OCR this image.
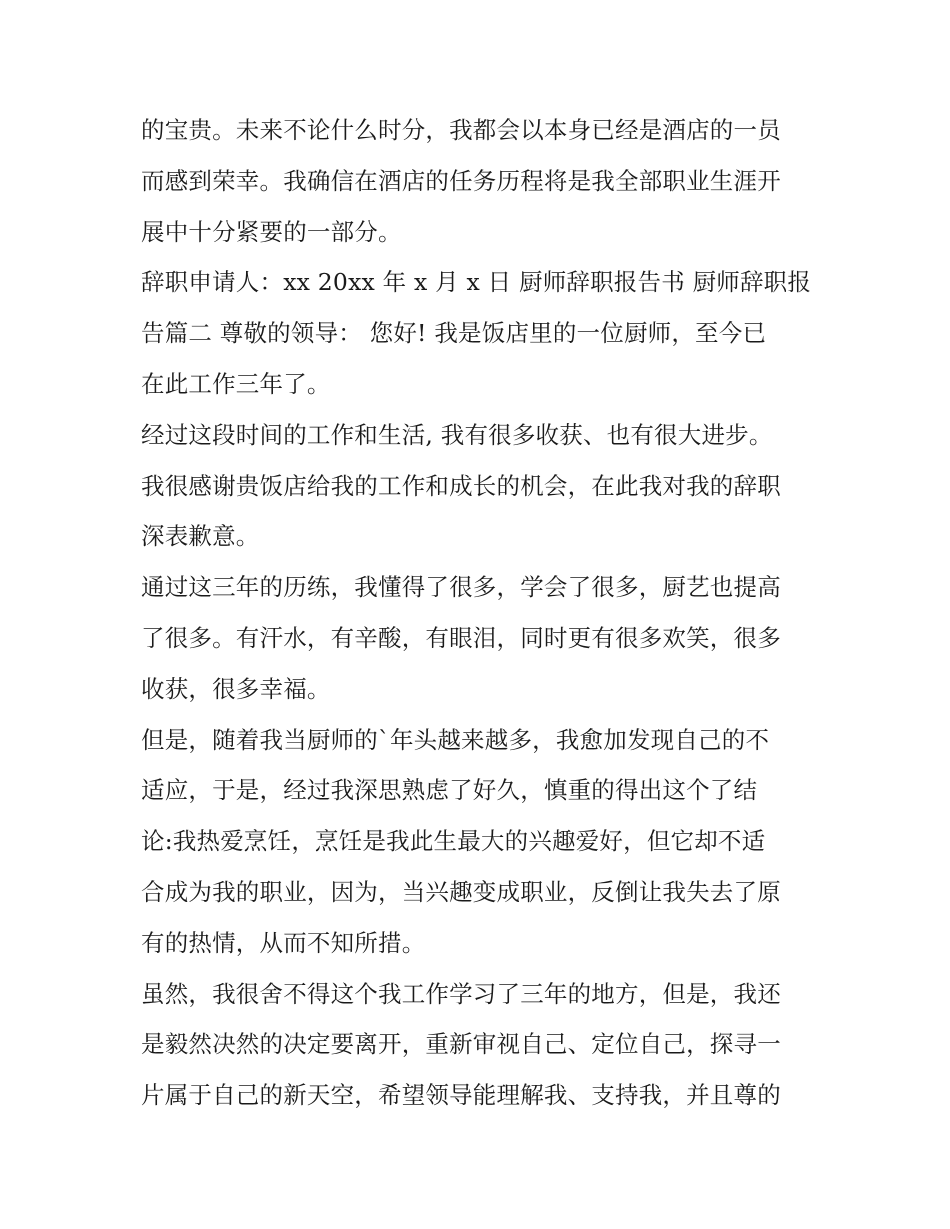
的宝贵。未来不论什么时分，我都会以本身已经是酒店的一员
而感到荣幸。我确信在酒店的任务历程将是我全部职业生涯开
展中十分紧要的一部分。
辞职申请人：xx 20xx 年 x 月 x 日 厨师辞职报告书 厨师辞职报
告篇二 尊敬的领导： 您好! 我是饭店里的一位厨师，至今已
在此工作三年了。
经过这段时间的工作和生活, 我有很多收获、也有很大进步。
我很感谢贵饭店给我的工作和成长的机会，在此我对我的辞职
深表歉意。
通过这三年的历练，我懂得了很多，学会了很多，厨艺也提高
了很多。有汗水，有辛酸，有眼泪，同时更有很多欢笑，很多
收获，很多幸福。
但是，随着我当厨师的`年头越来越多，我愈加发现自己的不
适应，于是，经过我深思熟虑了好久，慎重的得出这个了结
论:我热爱烹饪，烹饪是我此生最大的兴趣爱好，但它却不适
合成为我的职业，因为，当兴趣变成职业，反倒让我失去了原
有的热情，从而不知所措。
虽然，我很舍不得这个我工作学习了三年的地方，但是，我还
是毅然决然的决定要离开，重新审视自己、定位自己，探寻一
片属于自己的新天空，希望领导能理解我、支持我，并且尊的
